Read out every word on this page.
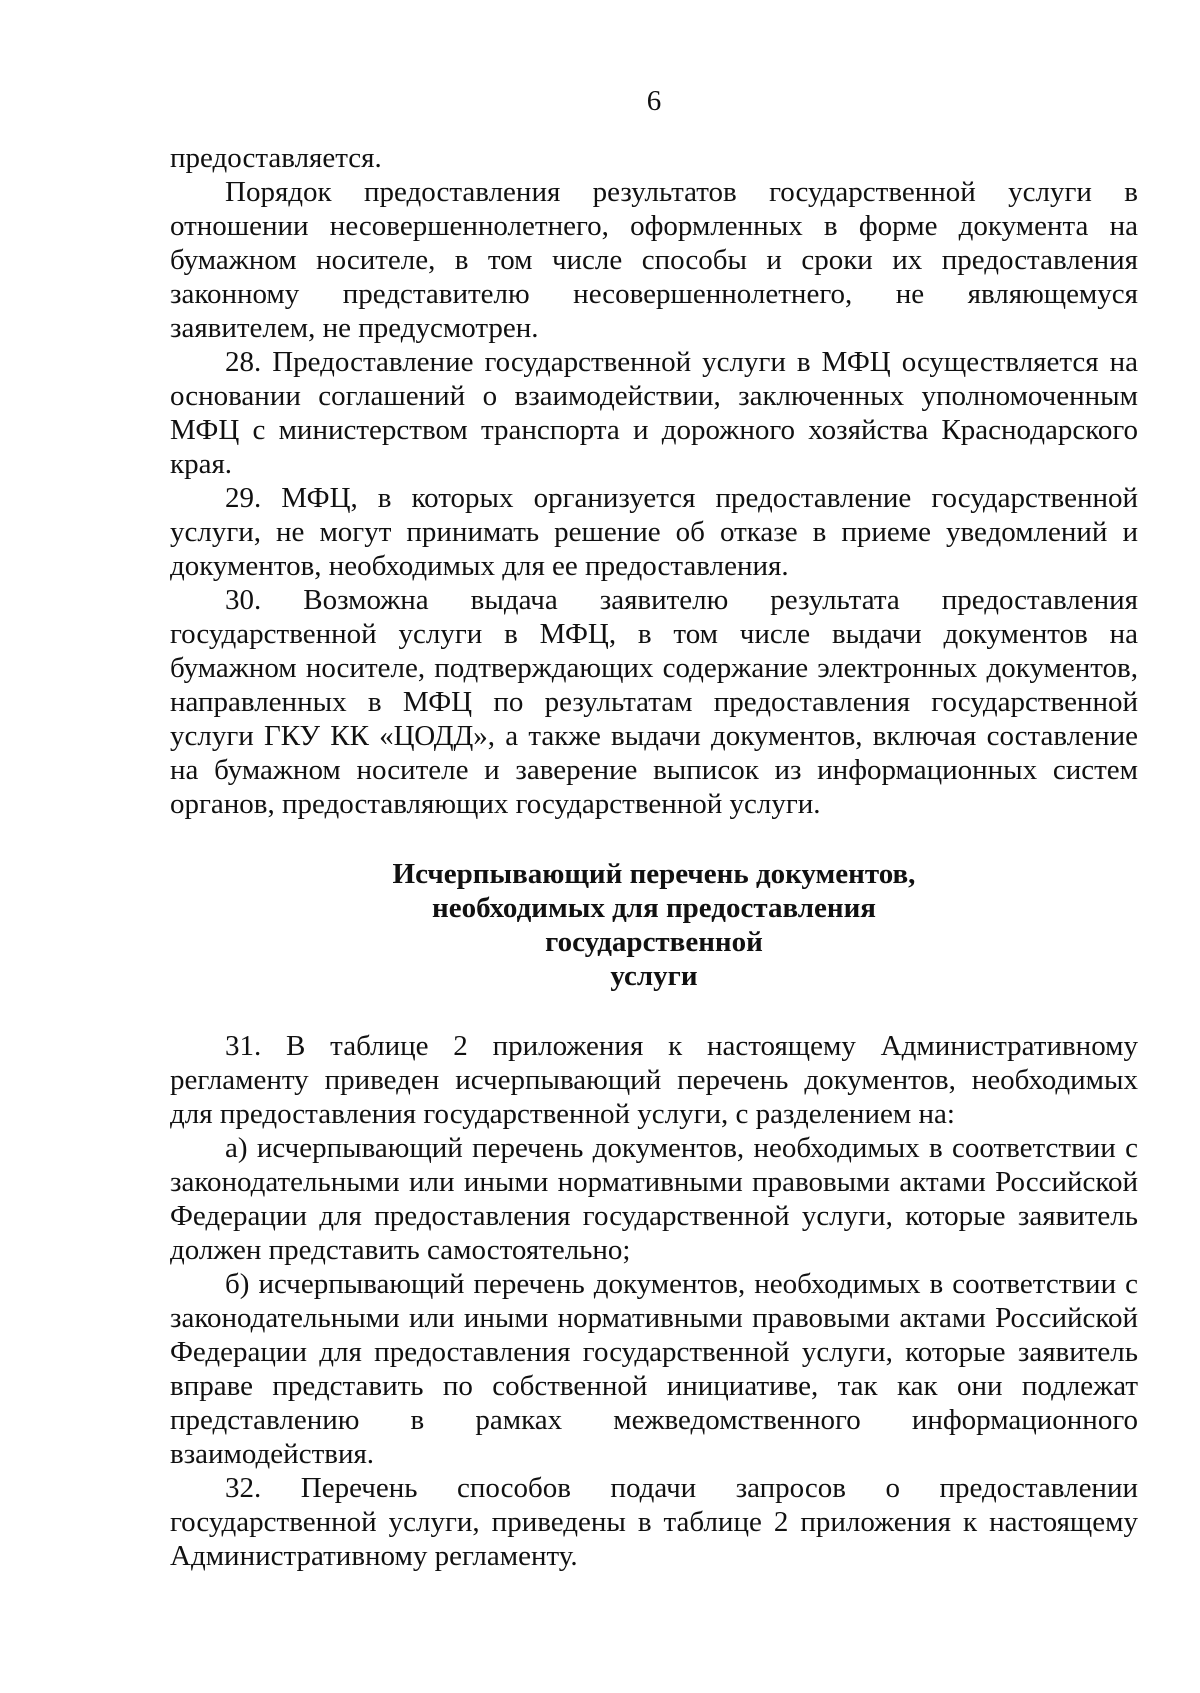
6

предоставляется.

Порядок предоставления результатов государственной услуги в отношении несовершеннолетнего, оформленных в форме документа на бумажном носителе, в том числе способы и сроки их предоставления законному представителю несовершеннолетнего, не являющемуся заявителем, не предусмотрен.

28. Предоставление государственной услуги в МФЦ осуществляется на основании соглашений о взаимодействии, заключенных уполномоченным МФЦ с министерством транспорта и дорожного хозяйства Краснодарского края.

29. МФЦ, в которых организуется предоставление государственной услуги, не могут принимать решение об отказе в приеме уведомлений и документов, необходимых для ее предоставления.

30. Возможна выдача заявителю результата предоставления государственной услуги в МФЦ, в том числе выдачи документов на бумажном носителе, подтверждающих содержание электронных документов, направленных в МФЦ по результатам предоставления государственной услуги ГКУ КК «ЦОДД», а также выдачи документов, включая составление на бумажном носителе и заверение выписок из информационных систем органов, предоставляющих государственной услуги.

Исчерпывающий перечень документов,
необходимых для предоставления государственной
услуги

31. В таблице 2 приложения к настоящему Административному регламенту приведен исчерпывающий перечень документов, необходимых для предоставления государственной услуги, с разделением на:

а) исчерпывающий перечень документов, необходимых в соответствии с законодательными или иными нормативными правовыми актами Российской Федерации для предоставления государственной услуги, которые заявитель должен представить самостоятельно;

б) исчерпывающий перечень документов, необходимых в соответствии с законодательными или иными нормативными правовыми актами Российской Федерации для предоставления государственной услуги, которые заявитель вправе представить по собственной инициативе, так как они подлежат представлению в рамках межведомственного информационного взаимодействия.

32. Перечень способов подачи запросов о предоставлении государственной услуги, приведены в таблице 2 приложения к настоящему Административному регламенту.
